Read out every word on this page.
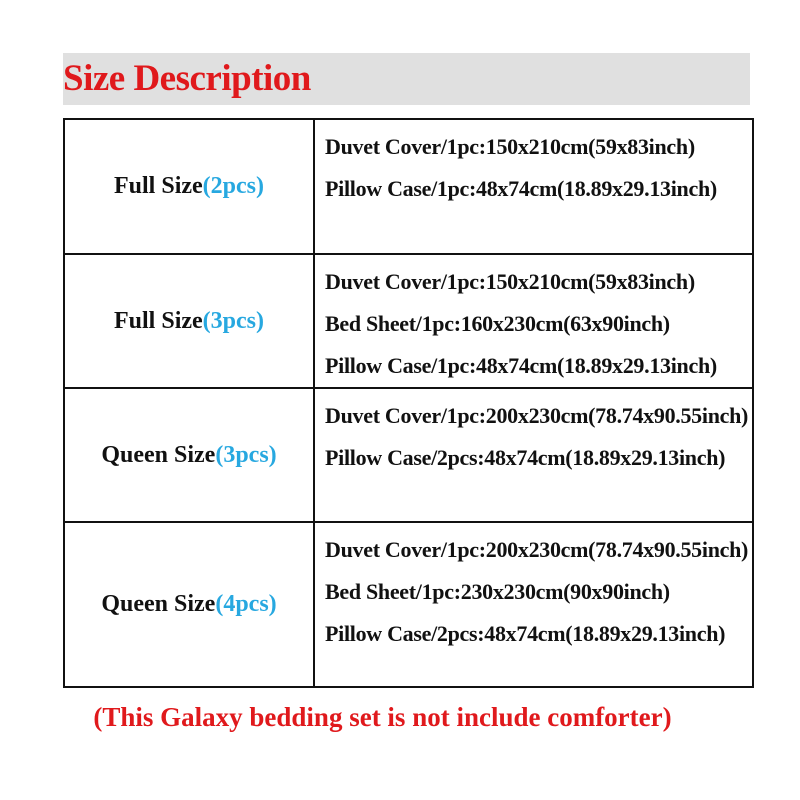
Size Description
Full Size(2pcs)	Duvet Cover/1pc:150x210cm(59x83inch)
Pillow Case/1pc:48x74cm(18.89x29.13inch)

Full Size(3pcs)	Duvet Cover/1pc:150x210cm(59x83inch)
Bed Sheet/1pc:160x230cm(63x90inch)
Pillow Case/1pc:48x74cm(18.89x29.13inch)

Queen Size(3pcs)	Duvet Cover/1pc:200x230cm(78.74x90.55inch)
Pillow Case/2pcs:48x74cm(18.89x29.13inch)

Queen Size(4pcs)	Duvet Cover/1pc:200x230cm(78.74x90.55inch)
Bed Sheet/1pc:230x230cm(90x90inch)
Pillow Case/2pcs:48x74cm(18.89x29.13inch)
(This Galaxy bedding set is not include comforter)
